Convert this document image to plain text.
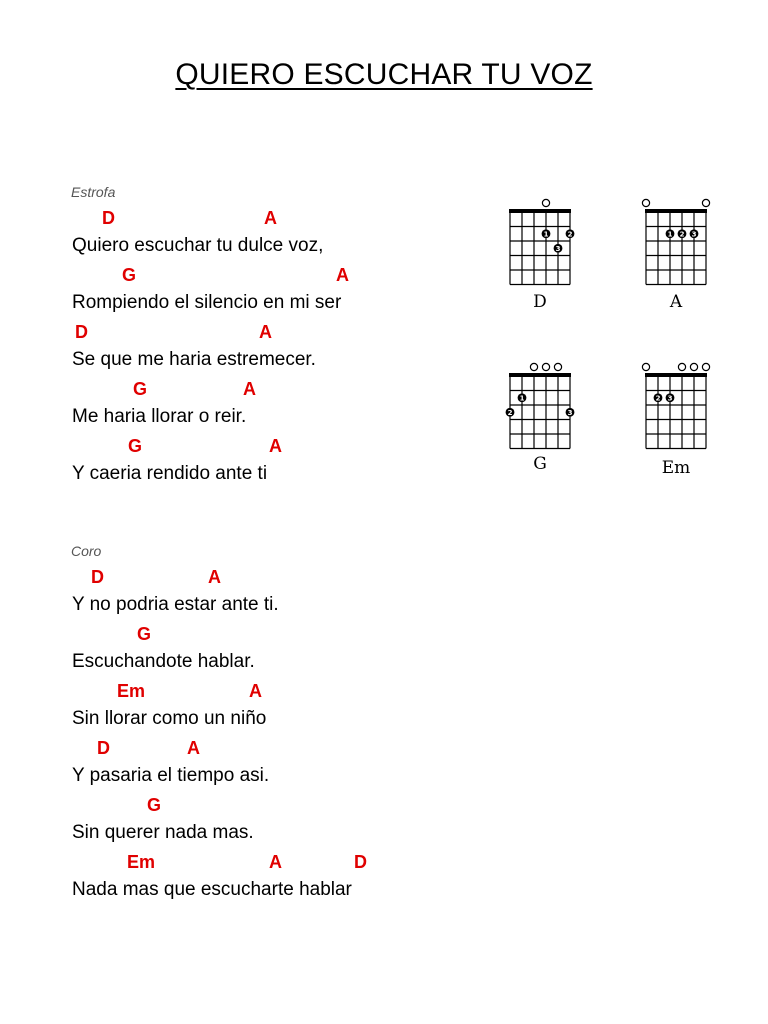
QUIERO ESCUCHAR TU VOZ
Estrofa
D	A
Quiero escuchar tu dulce voz,
G	A
Rompiendo el silencio en mi ser
D	A
Se que me haria estremecer.
G	A
Me haria llorar o reir.
G	A
Y caeria rendido ante ti
Coro
D	A
Y no podria estar ante ti.
G
Escuchandote hablar.
Em	A
Sin llorar como un niño
D	A
Y pasaria el tiempo asi.
G
Sin querer nada mas.
Em	A	D
Nada mas que escucharte hablar
1	2
3
D
1 2 3
A
1
2	3
G
2 3
Em
